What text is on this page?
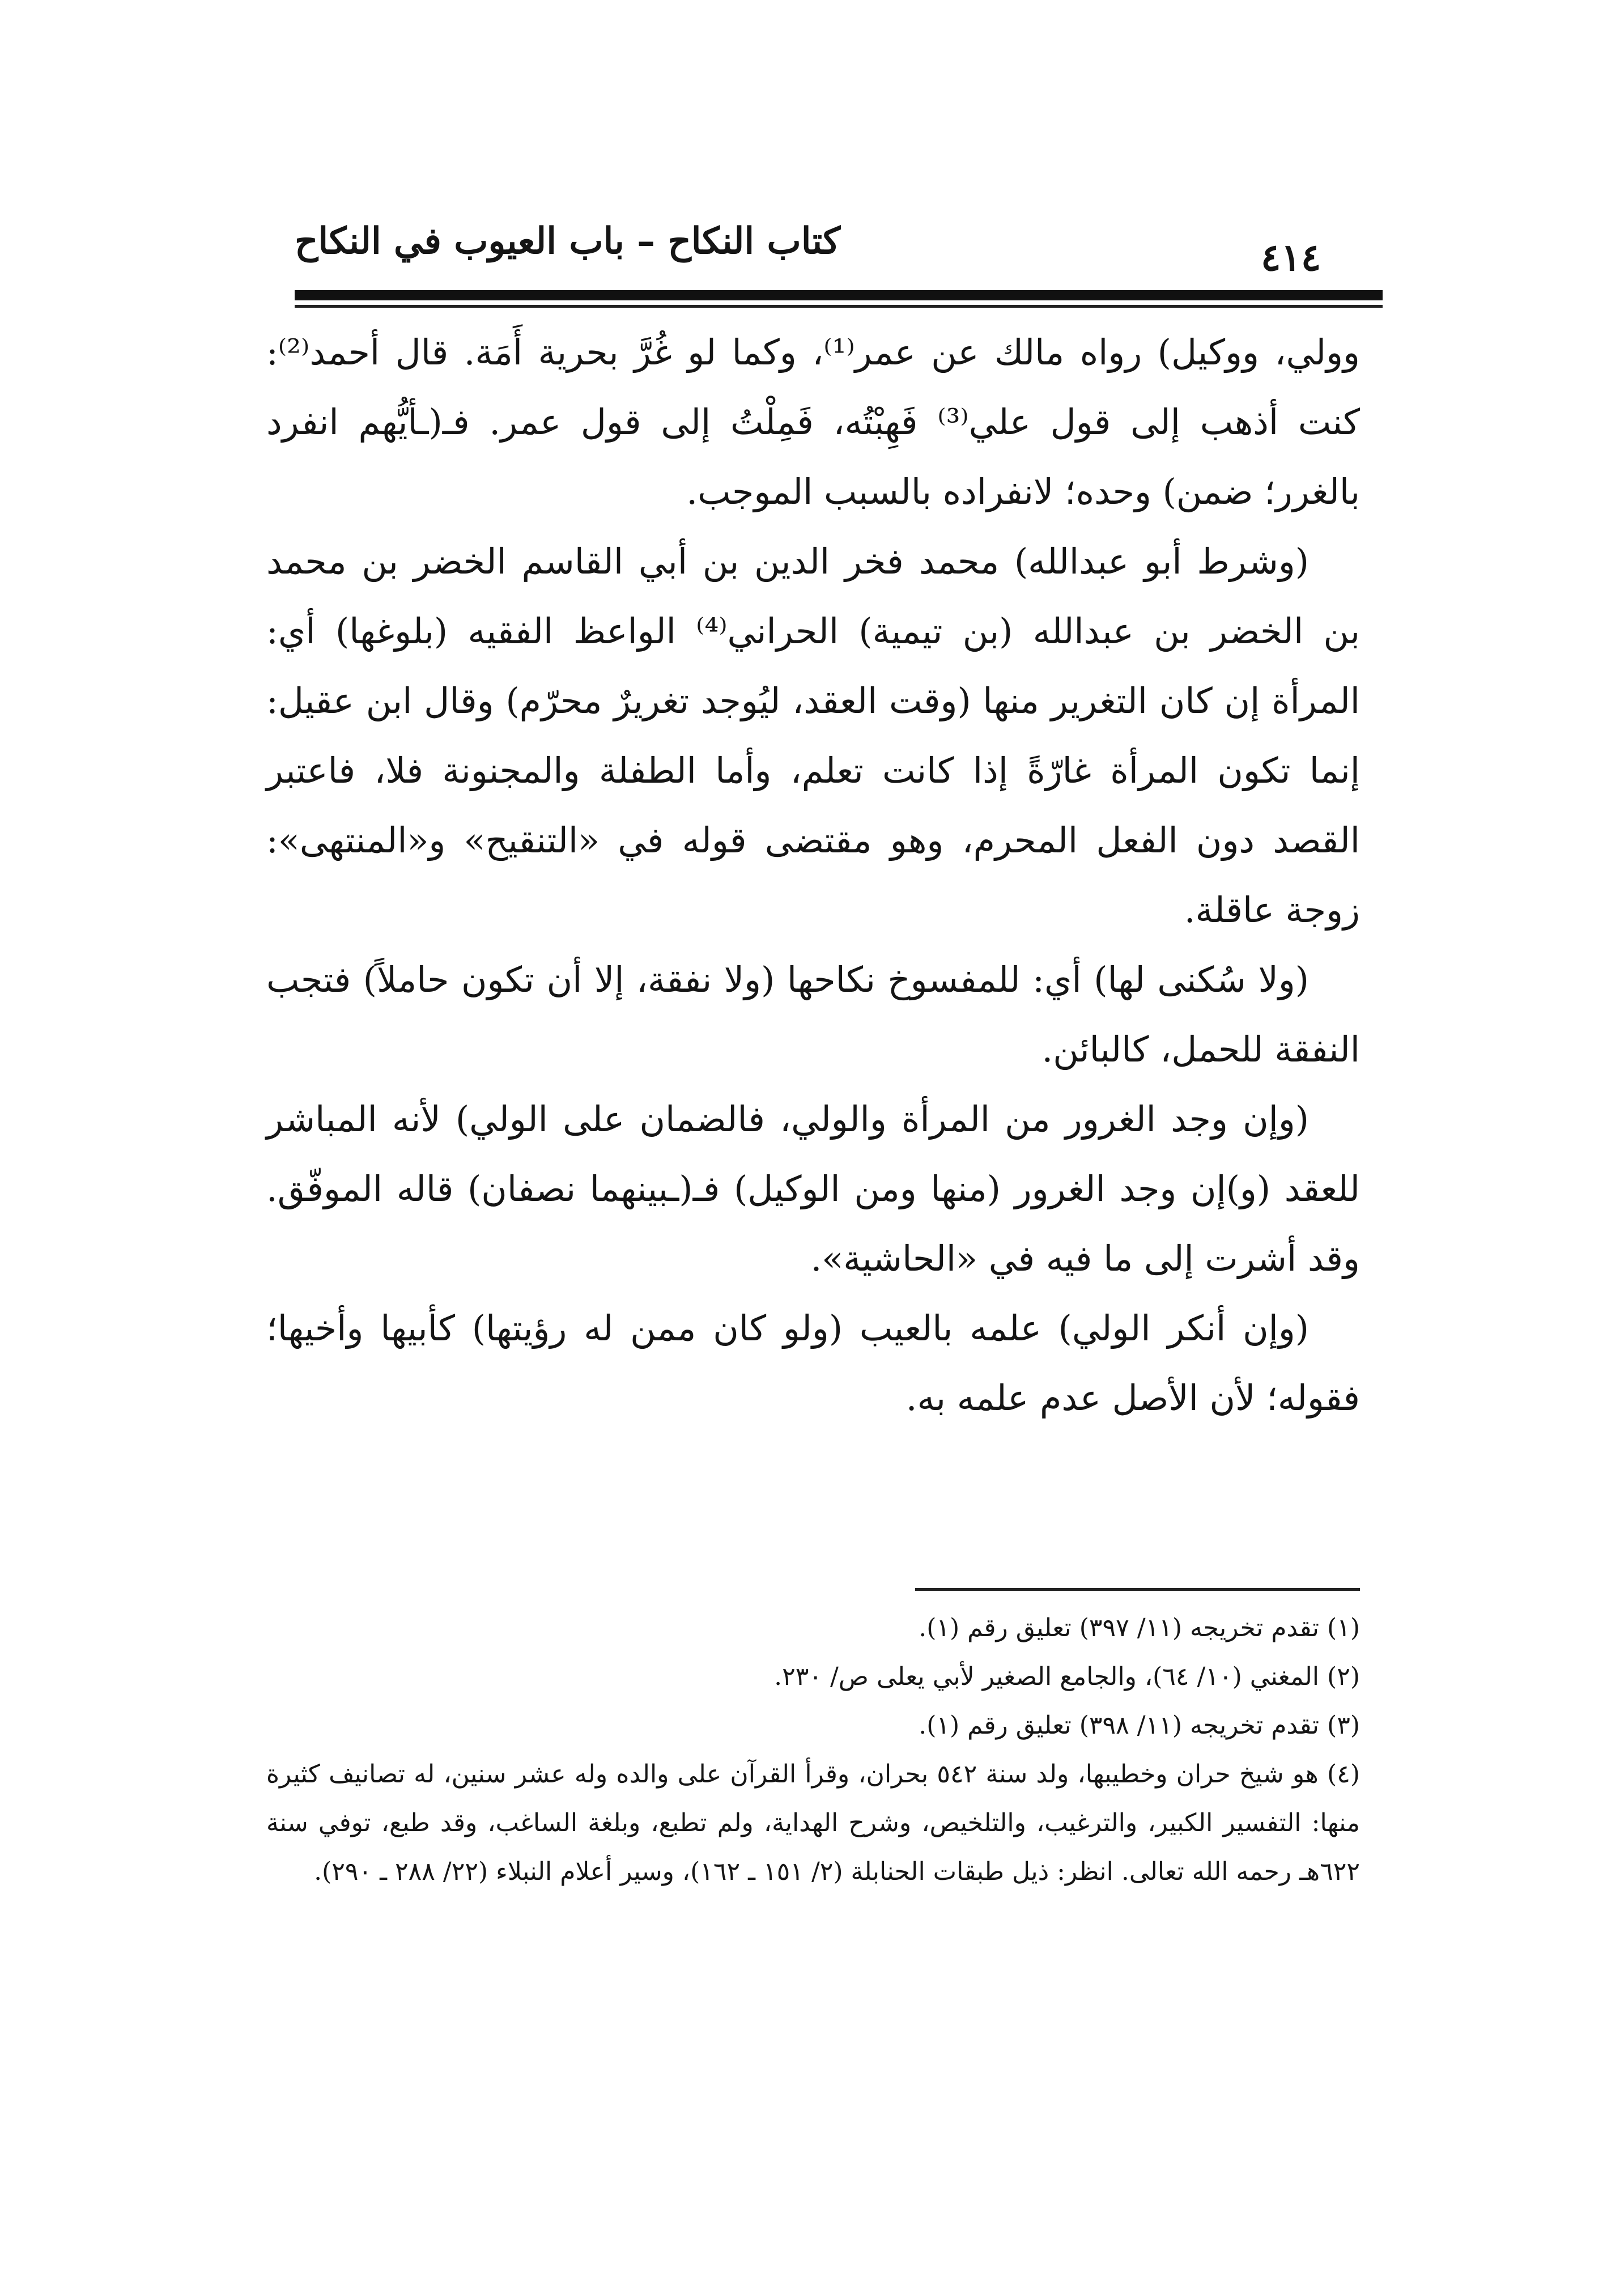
كتاب النكاح – باب العيوب في النكاح	٤١٤

وولي، ووكيل) رواه مالك عن عمر⁽¹⁾، وكما لو غُرَّ بحرية أَمَة. قال أحمد⁽²⁾: كنت أذهب إلى قول علي⁽³⁾ فَهِبْتُه، فَمِلْتُ إلى قول عمر. فـ(ـأيُّهم انفرد بالغرر؛ ضمن) وحده؛ لانفراده بالسبب الموجب.

(وشرط أبو عبدالله) محمد فخر الدين بن أبي القاسم الخضر بن محمد بن الخضر بن عبدالله (بن تيمية) الحراني⁽⁴⁾ الواعظ الفقيه (بلوغها) أي: المرأة إن كان التغرير منها (وقت العقد، ليُوجد تغريرٌ محرّم) وقال ابن عقيل: إنما تكون المرأة غارّةً إذا كانت تعلم، وأما الطفلة والمجنونة فلا، فاعتبر القصد دون الفعل المحرم، وهو مقتضى قوله في «التنقيح» و«المنتهى»: زوجة عاقلة.

(ولا سُكنى لها) أي: للمفسوخ نكاحها (ولا نفقة، إلا أن تكون حاملاً) فتجب النفقة للحمل، كالبائن.

(وإن وجد الغرور من المرأة والولي، فالضمان على الولي) لأنه المباشر للعقد (و)إن وجد الغرور (منها ومن الوكيل) فـ(ـبينهما نصفان) قاله الموفّق. وقد أشرت إلى ما فيه في «الحاشية».

(وإن أنكر الولي) علمه بالعيب (ولو كان ممن له رؤيتها) كأبيها وأخيها؛ فقوله؛ لأن الأصل عدم علمه به.

(١) تقدم تخريجه (١١/ ٣٩٧) تعليق رقم (١).

(٢) المغني (١٠/ ٦٤)، والجامع الصغير لأبي يعلى ص/ ٢٣٠.

(٣) تقدم تخريجه (١١/ ٣٩٨) تعليق رقم (١).

(٤) هو شيخ حران وخطيبها، ولد سنة ٥٤٢ بحران، وقرأ القرآن على والده وله عشر سنين، له تصانيف كثيرة منها: التفسير الكبير، والترغيب، والتلخيص، وشرح الهداية، ولم تطبع، وبلغة الساغب، وقد طبع، توفي سنة ٦٢٢هـ رحمه الله تعالى. انظر: ذيل طبقات الحنابلة (٢/ ١٥١ ـ ١٦٢)، وسير أعلام النبلاء (٢٢/ ٢٨٨ ـ ٢٩٠).
